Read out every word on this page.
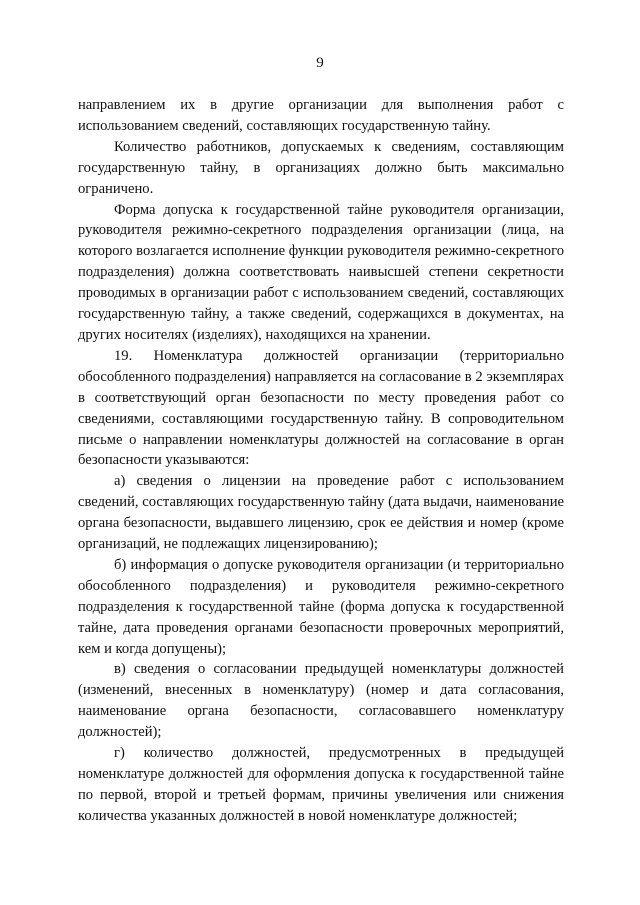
9

направлением их в другие организации для выполнения работ с использованием сведений, составляющих государственную тайну.

Количество работников, допускаемых к сведениям, составляющим государственную тайну, в организациях должно быть максимально ограничено.

Форма допуска к государственной тайне руководителя организации, руководителя режимно-секретного подразделения организации (лица, на которого возлагается исполнение функции руководителя режимно-секретного подразделения) должна соответствовать наивысшей степени секретности проводимых в организации работ с использованием сведений, составляющих государственную тайну, а также сведений, содержащихся в документах, на других носителях (изделиях), находящихся на хранении.

19. Номенклатура должностей организации (территориально обособленного подразделения) направляется на согласование в 2 экземплярах в соответствующий орган безопасности по месту проведения работ со сведениями, составляющими государственную тайну. В сопроводительном письме о направлении номенклатуры должностей на согласование в орган безопасности указываются:

а) сведения о лицензии на проведение работ с использованием сведений, составляющих государственную тайну (дата выдачи, наименование органа безопасности, выдавшего лицензию, срок ее действия и номер (кроме организаций, не подлежащих лицензированию);

б) информация о допуске руководителя организации (и территориально обособленного подразделения) и руководителя режимно-секретного подразделения к государственной тайне (форма допуска к государственной тайне, дата проведения органами безопасности проверочных мероприятий, кем и когда допущены);

в) сведения о согласовании предыдущей номенклатуры должностей (изменений, внесенных в номенклатуру) (номер и дата согласования, наименование органа безопасности, согласовавшего номенклатуру должностей);

г) количество должностей, предусмотренных в предыдущей номенклатуре должностей для оформления допуска к государственной тайне по первой, второй и третьей формам, причины увеличения или снижения количества указанных должностей в новой номенклатуре должностей;
